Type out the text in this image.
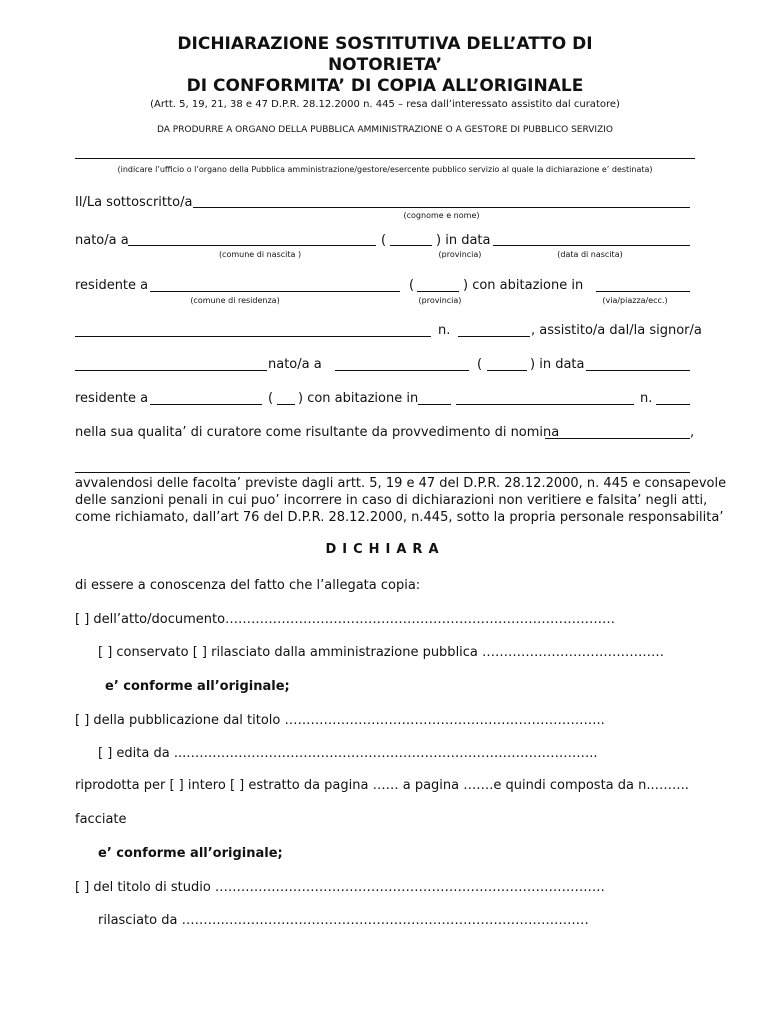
DICHIARAZIONE SOSTITUTIVA DELL’ATTO DI
NOTORIETA’
DI CONFORMITA’ DI COPIA ALL’ORIGINALE
(Artt. 5, 19, 21, 38 e 47 D.P.R. 28.12.2000 n. 445 – resa dall’interessato assistito dal curatore)
DA PRODURRE A ORGANO DELLA PUBBLICA AMMINISTRAZIONE O A GESTORE DI PUBBLICO SERVIZIO
(indicare l’ufficio o l’organo della Pubblica amministrazione/gestore/esercente pubblico servizio al quale la dichiarazione e’ destinata)
Il/La sottoscritto/a
(cognome e nome)
nato/a a	(	) in data
(comune di nascita )	(provincia)	(data di nascita)
residente a	(	) con abitazione in
(comune di residenza)	(provincia)	(via/piazza/ecc.)
n.	, assistito/a dal/la signor/a
nato/a a	(	) in data
residente a	( ) con abitazione in	n.
nella sua qualita’ di curatore come risultante da provvedimento di nomina	,
avvalendosi delle facolta’ previste dagli artt. 5, 19 e 47 del D.P.R. 28.12.2000, n. 445 e consapevole
delle sanzioni penali in cui puo’ incorrere in caso di dichiarazioni non veritiere e falsita’ negli atti,
come richiamato, dall’art 76 del D.P.R. 28.12.2000, n.445, sotto la propria personale responsabilita’
DICHIARA
di essere a conoscenza del fatto che l’allegata copia:
[ ] dell’atto/documento………………………………………………………………………………
[ ] conservato [ ] rilasciato dalla amministrazione pubblica ……………………………………
e’ conforme all’originale;
[ ] della pubblicazione dal titolo ………………………………………………………………..
[ ] edita da ...…………………………………………………………………………………..
riprodotta per [ ] intero [ ] estratto da pagina …… a pagina …….e quindi composta da n..……..
facciate
e’ conforme all’originale;
[ ] del titolo di studio ………………………………………………………………………………
rilasciato da ……….…………………………………………………………………………
